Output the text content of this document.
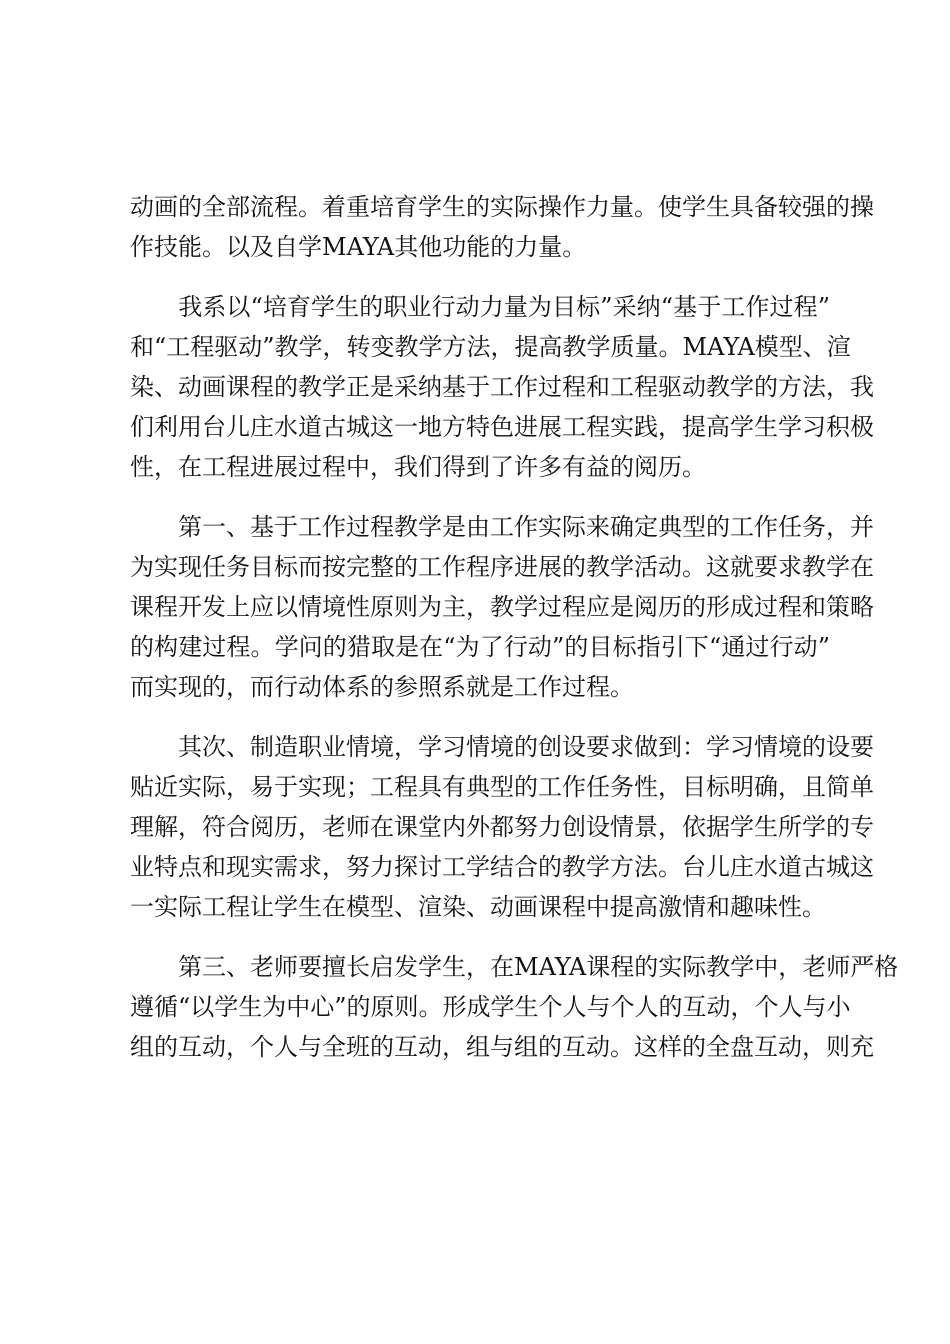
动画的全部流程。着重培育学生的实际操作力量。使学生具备较强的操
作技能。以及自学MAYA其他功能的力量。
　　我系以“培育学生的职业行动力量为目标”采纳“基于工作过程”
和“工程驱动”教学，转变教学方法，提高教学质量。MAYA模型、渲
染、动画课程的教学正是采纳基于工作过程和工程驱动教学的方法，我
们利用台儿庄水道古城这一地方特色进展工程实践，提高学生学习积极
性，在工程进展过程中，我们得到了许多有益的阅历。
　　第一、基于工作过程教学是由工作实际来确定典型的工作任务，并
为实现任务目标而按完整的工作程序进展的教学活动。这就要求教学在
课程开发上应以情境性原则为主，教学过程应是阅历的形成过程和策略
的构建过程。学问的猎取是在“为了行动”的目标指引下“通过行动”
而实现的，而行动体系的参照系就是工作过程。
　　其次、制造职业情境，学习情境的创设要求做到：学习情境的设要
贴近实际，易于实现；工程具有典型的工作任务性，目标明确，且简单
理解，符合阅历，老师在课堂内外都努力创设情景，依据学生所学的专
业特点和现实需求，努力探讨工学结合的教学方法。台儿庄水道古城这
一实际工程让学生在模型、渲染、动画课程中提高激情和趣味性。
　　第三、老师要擅长启发学生，在MAYA课程的实际教学中，老师严格
遵循“以学生为中心”的原则。形成学生个人与个人的互动，个人与小
组的互动，个人与全班的互动，组与组的互动。这样的全盘互动，则充
